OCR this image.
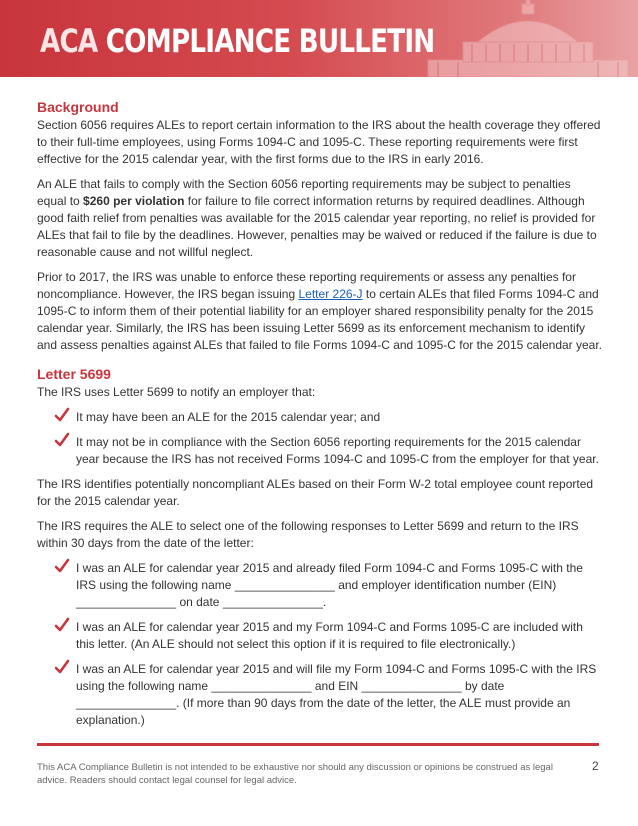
ACA COMPLIANCE BULLETIN
Background

Section 6056 requires ALEs to report certain information to the IRS about the health coverage they offered to their full-time employees, using Forms 1094-C and 1095-C. These reporting requirements were first effective for the 2015 calendar year, with the first forms due to the IRS in early 2016.

An ALE that fails to comply with the Section 6056 reporting requirements may be subject to penalties equal to $260 per violation for failure to file correct information returns by required deadlines. Although good faith relief from penalties was available for the 2015 calendar year reporting, no relief is provided for ALEs that fail to file by the deadlines. However, penalties may be waived or reduced if the failure is due to reasonable cause and not willful neglect.

Prior to 2017, the IRS was unable to enforce these reporting requirements or assess any penalties for noncompliance. However, the IRS began issuing Letter 226-J to certain ALEs that filed Forms 1094-C and 1095-C to inform them of their potential liability for an employer shared responsibility penalty for the 2015 calendar year. Similarly, the IRS has been issuing Letter 5699 as its enforcement mechanism to identify and assess penalties against ALEs that failed to file Forms 1094-C and 1095-C for the 2015 calendar year.

Letter 5699

The IRS uses Letter 5699 to notify an employer that:

It may have been an ALE for the 2015 calendar year; and
It may not be in compliance with the Section 6056 reporting requirements for the 2015 calendar year because the IRS has not received Forms 1094-C and 1095-C from the employer for that year.

The IRS identifies potentially noncompliant ALEs based on their Form W-2 total employee count reported for the 2015 calendar year.

The IRS requires the ALE to select one of the following responses to Letter 5699 and return to the IRS within 30 days from the date of the letter:

I was an ALE for calendar year 2015 and already filed Form 1094-C and Forms 1095-C with the IRS using the following name _______________ and employer identification number (EIN) _______________ on date _______________.
I was an ALE for calendar year 2015 and my Form 1094-C and Forms 1095-C are included with this letter. (An ALE should not select this option if it is required to file electronically.)
I was an ALE for calendar year 2015 and will file my Form 1094-C and Forms 1095-C with the IRS using the following name _______________ and EIN _______________ by date _______________. (If more than 90 days from the date of the letter, the ALE must provide an explanation.)
This ACA Compliance Bulletin is not intended to be exhaustive nor should any discussion or opinions be construed as legal advice. Readers should contact legal counsel for legal advice.
2
